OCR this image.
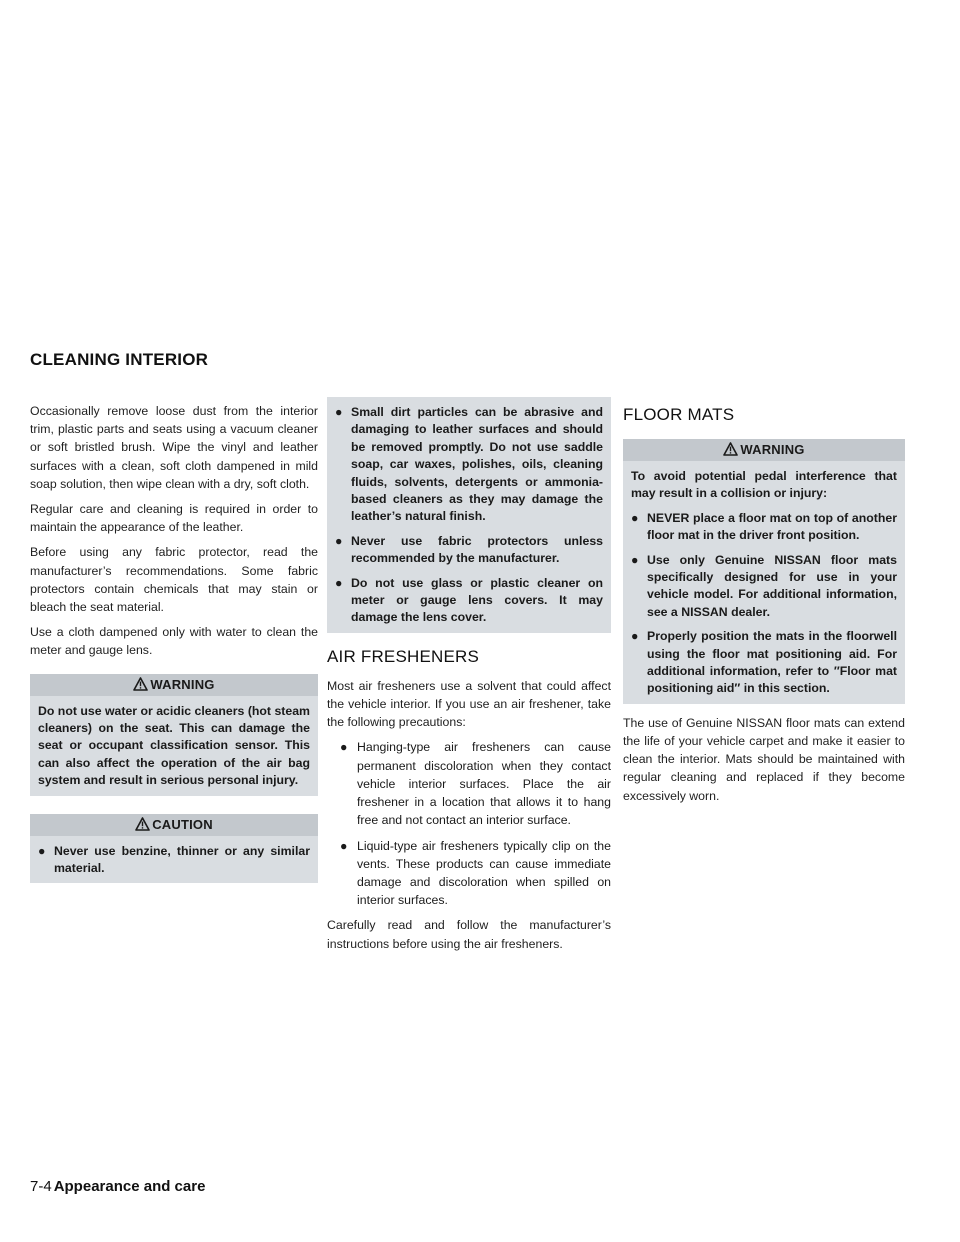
CLEANING INTERIOR

Occasionally remove loose dust from the interior trim, plastic parts and seats using a vacuum cleaner or soft bristled brush. Wipe the vinyl and leather surfaces with a clean, soft cloth dampened in mild soap solution, then wipe clean with a dry, soft cloth.

Regular care and cleaning is required in order to maintain the appearance of the leather.

Before using any fabric protector, read the manufacturer’s recommendations. Some fabric protectors contain chemicals that may stain or bleach the seat material.

Use a cloth dampened only with water to clean the meter and gauge lens.

WARNING
Do not use water or acidic cleaners (hot steam cleaners) on the seat. This can damage the seat or occupant classification sensor. This can also affect the operation of the air bag system and result in serious personal injury.
CAUTION
● Never use benzine, thinner or any similar material.
● Small dirt particles can be abrasive and damaging to leather surfaces and should be removed promptly. Do not use saddle soap, car waxes, polishes, oils, cleaning fluids, solvents, detergents or ammonia-based cleaners as they may damage the leather’s natural finish.
● Never use fabric protectors unless recommended by the manufacturer.
● Do not use glass or plastic cleaner on meter or gauge lens covers. It may damage the lens cover.
AIR FRESHENERS

Most air fresheners use a solvent that could affect the vehicle interior. If you use an air freshener, take the following precautions:

● Hanging-type air fresheners can cause permanent discoloration when they contact vehicle interior surfaces. Place the air freshener in a location that allows it to hang free and not contact an interior surface.
● Liquid-type air fresheners typically clip on the vents. These products can cause immediate damage and discoloration when spilled on interior surfaces.

Carefully read and follow the manufacturer’s instructions before using the air fresheners.

FLOOR MATS
WARNING
To avoid potential pedal interference that may result in a collision or injury:
● NEVER place a floor mat on top of another floor mat in the driver front position.
● Use only Genuine NISSAN floor mats specifically designed for use in your vehicle model. For additional information, see a NISSAN dealer.
● Properly position the mats in the floorwell using the floor mat positioning aid. For additional information, refer to ″Floor mat positioning aid″ in this section.

The use of Genuine NISSAN floor mats can extend the life of your vehicle carpet and make it easier to clean the interior. Mats should be maintained with regular cleaning and replaced if they become excessively worn.

7-4 Appearance and care
